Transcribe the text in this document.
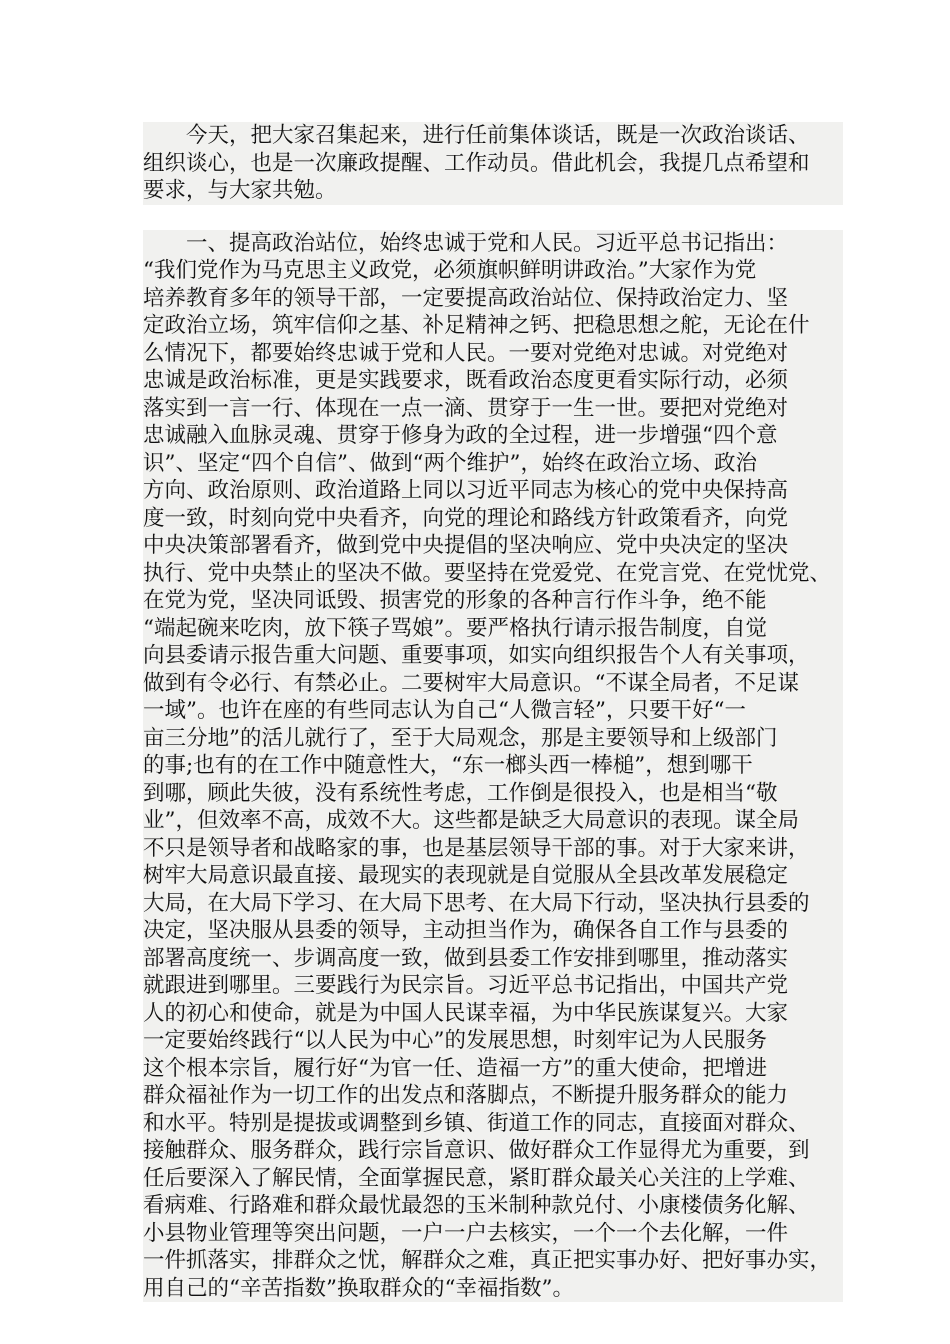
　　今天，把大家召集起来，进行任前集体谈话，既是一次政治谈话、
组织谈心，也是一次廉政提醒、工作动员。借此机会，我提几点希望和
要求，与大家共勉。
　　一、提高政治站位，始终忠诚于党和人民。习近平总书记指出：
“我们党作为马克思主义政党，必须旗帜鲜明讲政治。”大家作为党
培养教育多年的领导干部，一定要提高政治站位、保持政治定力、坚
定政治立场，筑牢信仰之基、补足精神之钙、把稳思想之舵，无论在什
么情况下，都要始终忠诚于党和人民。一要对党绝对忠诚。对党绝对
忠诚是政治标准，更是实践要求，既看政治态度更看实际行动，必须
落实到一言一行、体现在一点一滴、贯穿于一生一世。要把对党绝对
忠诚融入血脉灵魂、贯穿于修身为政的全过程，进一步增强“四个意
识”、坚定“四个自信”、做到“两个维护”，始终在政治立场、政治
方向、政治原则、政治道路上同以习近平同志为核心的党中央保持高
度一致，时刻向党中央看齐，向党的理论和路线方针政策看齐，向党
中央决策部署看齐，做到党中央提倡的坚决响应、党中央决定的坚决
执行、党中央禁止的坚决不做。要坚持在党爱党、在党言党、在党忧党、
在党为党，坚决同诋毁、损害党的形象的各种言行作斗争，绝不能
“端起碗来吃肉，放下筷子骂娘”。要严格执行请示报告制度，自觉
向县委请示报告重大问题、重要事项，如实向组织报告个人有关事项，
做到有令必行、有禁必止。二要树牢大局意识。“不谋全局者，不足谋
一域”。也许在座的有些同志认为自己“人微言轻”，只要干好“一
亩三分地”的活儿就行了，至于大局观念，那是主要领导和上级部门
的事;也有的在工作中随意性大，“东一榔头西一棒槌”，想到哪干
到哪，顾此失彼，没有系统性考虑，工作倒是很投入，也是相当“敬
业”，但效率不高，成效不大。这些都是缺乏大局意识的表现。谋全局
不只是领导者和战略家的事，也是基层领导干部的事。对于大家来讲，
树牢大局意识最直接、最现实的表现就是自觉服从全县改革发展稳定
大局，在大局下学习、在大局下思考、在大局下行动，坚决执行县委的
决定，坚决服从县委的领导，主动担当作为，确保各自工作与县委的
部署高度统一、步调高度一致，做到县委工作安排到哪里，推动落实
就跟进到哪里。三要践行为民宗旨。习近平总书记指出，中国共产党
人的初心和使命，就是为中国人民谋幸福，为中华民族谋复兴。大家
一定要始终践行“以人民为中心”的发展思想，时刻牢记为人民服务
这个根本宗旨，履行好“为官一任、造福一方”的重大使命，把增进
群众福祉作为一切工作的出发点和落脚点，不断提升服务群众的能力
和水平。特别是提拔或调整到乡镇、街道工作的同志，直接面对群众、
接触群众、服务群众，践行宗旨意识、做好群众工作显得尤为重要，到
任后要深入了解民情，全面掌握民意，紧盯群众最关心关注的上学难、
看病难、行路难和群众最忧最怨的玉米制种款兑付、小康楼债务化解、
小县物业管理等突出问题，一户一户去核实，一个一个去化解，一件
一件抓落实，排群众之忧，解群众之难，真正把实事办好、把好事办实，
用自己的“辛苦指数”换取群众的“幸福指数”。
